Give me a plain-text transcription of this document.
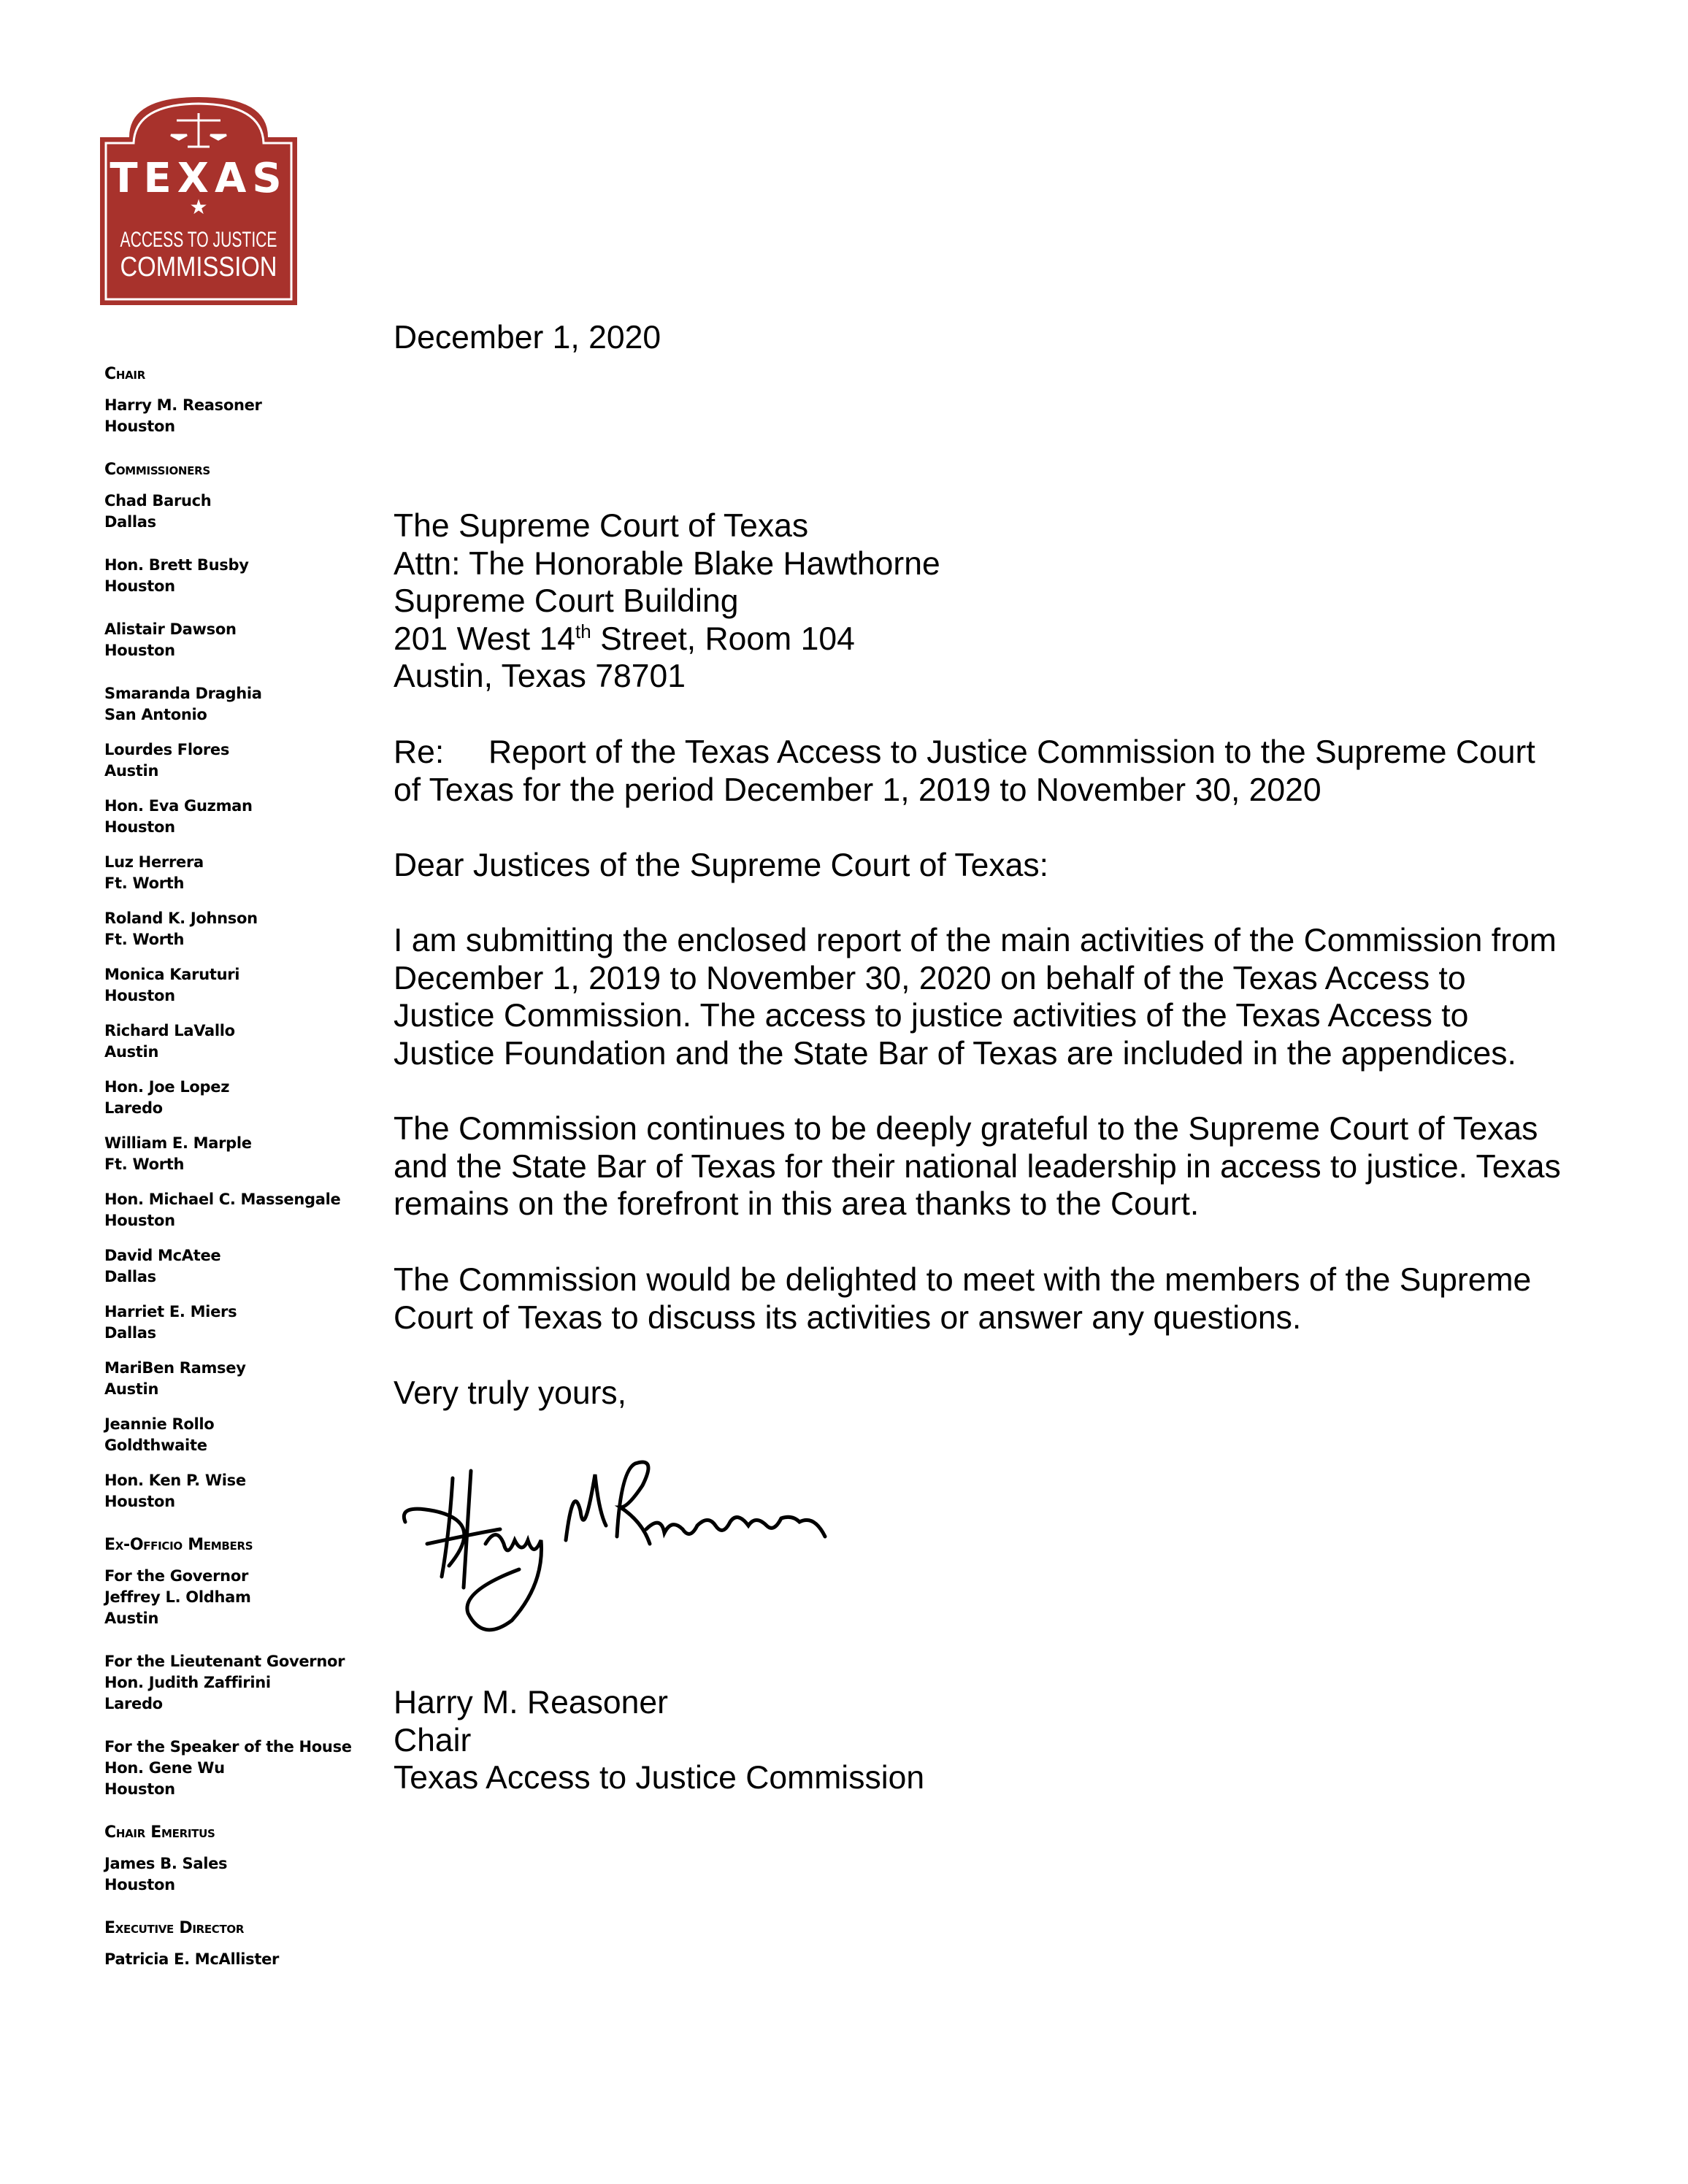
TEXAS
★
ACCESS TO JUSTICE
COMMISSION
Chair
Harry M. Reasoner
Houston
Commissioners
Chad Baruch
Dallas
Hon. Brett Busby
Houston
Alistair Dawson
Houston
Smaranda Draghia
San Antonio
Lourdes Flores
Austin
Hon. Eva Guzman
Houston
Luz Herrera
Ft. Worth
Roland K. Johnson
Ft. Worth
Monica Karuturi
Houston
Richard LaVallo
Austin
Hon. Joe Lopez
Laredo
William E. Marple
Ft. Worth
Hon. Michael C. Massengale
Houston
David McAtee
Dallas
Harriet E. Miers
Dallas
MariBen Ramsey
Austin
Jeannie Rollo
Goldthwaite
Hon. Ken P. Wise
Houston
Ex-Officio Members
For the Governor
Jeffrey L. Oldham
Austin
For the Lieutenant Governor
Hon. Judith Zaffirini
Laredo
For the Speaker of the House
Hon. Gene Wu
Houston
Chair Emeritus
James B. Sales
Houston
Executive Director
Patricia E. McAllister
December 1, 2020
The Supreme Court of Texas
Attn: The Honorable Blake Hawthorne
Supreme Court Building
201 West 14th Street, Room 104
Austin, Texas 78701
Re: Report of the Texas Access to Justice Commission to the Supreme Court
of Texas for the period December 1, 2019 to November 30, 2020
Dear Justices of the Supreme Court of Texas:
I am submitting the enclosed report of the main activities of the Commission from
December 1, 2019 to November 30, 2020 on behalf of the Texas Access to
Justice Commission. The access to justice activities of the Texas Access to
Justice Foundation and the State Bar of Texas are included in the appendices.
The Commission continues to be deeply grateful to the Supreme Court of Texas
and the State Bar of Texas for their national leadership in access to justice. Texas
remains on the forefront in this area thanks to the Court.
The Commission would be delighted to meet with the members of the Supreme
Court of Texas to discuss its activities or answer any questions.
Very truly yours,
Harry M. Reasoner
Chair
Texas Access to Justice Commission
